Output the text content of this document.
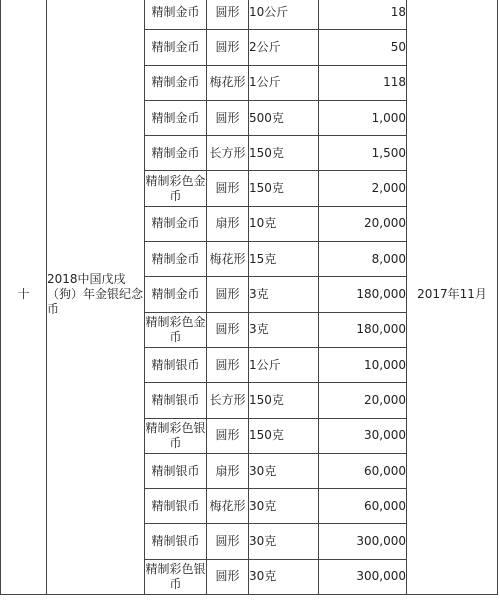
十	2018中国戊戌（狗）年金银纪念币	精制金币	圆形	10公斤	18	2017年11月
		精制金币	圆形	2公斤	50	
		精制金币	梅花形	1公斤	118	
		精制金币	圆形	500克	1,000	
		精制金币	长方形	150克	1,500	
		精制彩色金币	圆形	150克	2,000	
		精制金币	扇形	10克	20,000	
		精制金币	梅花形	15克	8,000	
		精制金币	圆形	3克	180,000	
		精制彩色金币	圆形	3克	180,000	
		精制银币	圆形	1公斤	10,000	
		精制银币	长方形	150克	20,000	
		精制彩色银币	圆形	150克	30,000	
		精制银币	扇形	30克	60,000	
		精制银币	梅花形	30克	60,000	
		精制银币	圆形	30克	300,000	
		精制彩色银币	圆形	30克	300,000	
